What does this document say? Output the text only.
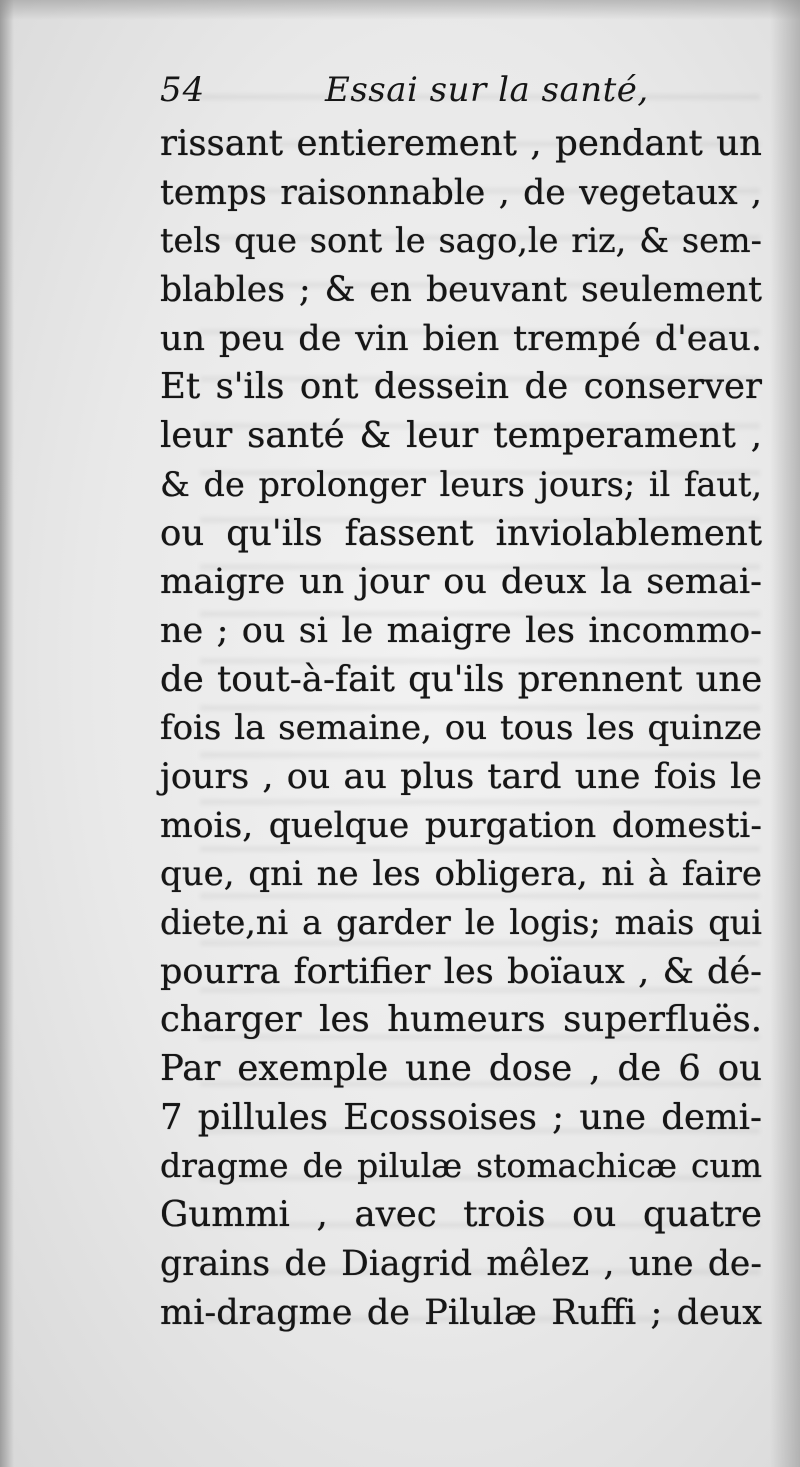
54	Essai sur la santé,
rissant entierement , pendant un
temps raisonnable , de vegetaux ,
tels que sont le sago,le riz, & sem-
blables ; & en beuvant seulement
un peu de vin bien trempé d'eau.
Et s'ils ont dessein de conserver
leur santé & leur temperament ,
& de prolonger leurs jours; il faut,
ou qu'ils fassent inviolablement
maigre un jour ou deux la semai-
ne ; ou si le maigre les incommo-
de tout-à-fait qu'ils prennent une
fois la semaine, ou tous les quinze
jours , ou au plus tard une fois le
mois, quelque purgation domesti-
que, qni ne les obligera, ni à faire
diete,ni a garder le logis; mais qui
pourra fortifier les boïaux , & dé-
charger les humeurs superfluës.
Par exemple une dose , de 6 ou
7 pillules Ecossoises ; une demi-
dragme de pilulæ stomachicæ cum
Gummi , avec trois ou quatre
grains de Diagrid mêlez , une de-
mi-dragme de Pilulæ Ruffi ; deux
